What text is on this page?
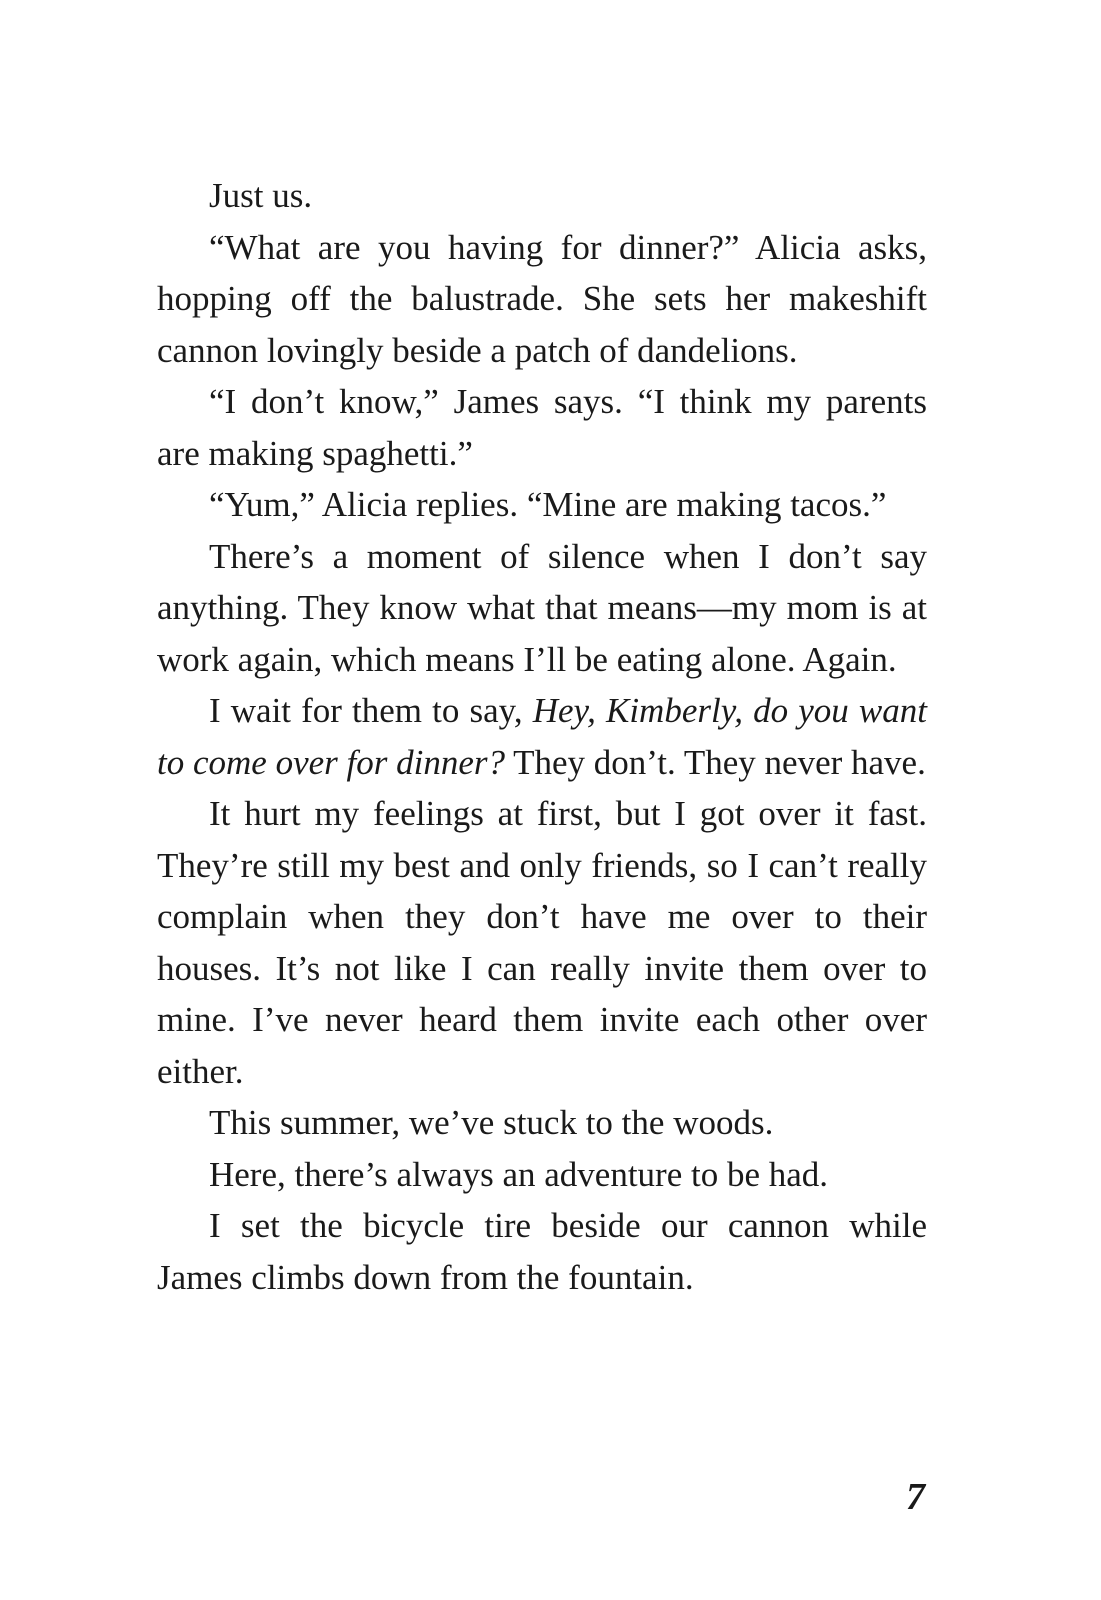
Just us.

“What are you having for dinner?” Alicia asks, hopping off the balustrade. She sets her makeshift cannon lovingly beside a patch of dandelions.

“I don’t know,” James says. “I think my parents are making spaghetti.”

“Yum,” Alicia replies. “Mine are making tacos.”

There’s a moment of silence when I don’t say anything. They know what that means—my mom is at work again, which means I’ll be eating alone. Again.

I wait for them to say, Hey, Kimberly, do you want to come over for dinner? They don’t. They never have.

It hurt my feelings at first, but I got over it fast. They’re still my best and only friends, so I can’t really complain when they don’t have me over to their houses. It’s not like I can really invite them over to mine. I’ve never heard them invite each other over either.

This summer, we’ve stuck to the woods.

Here, there’s always an adventure to be had.

I set the bicycle tire beside our cannon while James climbs down from the fountain.

7
